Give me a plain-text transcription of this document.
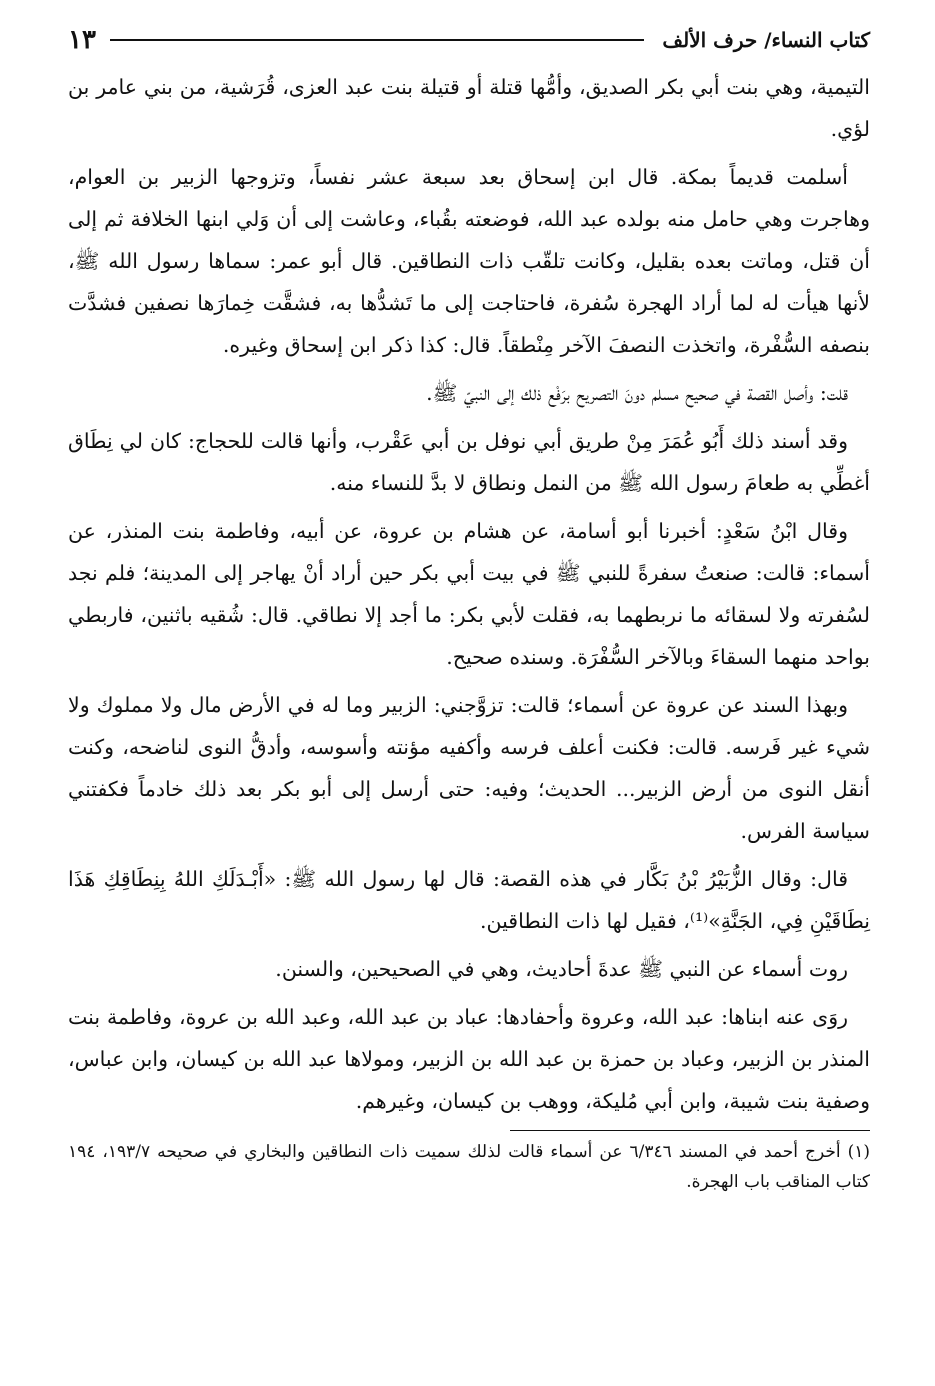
كتاب النساء/ حرف الألف
١٣

التيمية، وهي بنت أبي بكر الصديق، وأمُّها قتلة أو قتيلة بنت عبد العزى، قُرَشية، من بني عامر بن لؤي.

أسلمت قديماً بمكة. قال ابن إسحاق بعد سبعة عشر نفساً، وتزوجها الزبير بن العوام، وهاجرت وهي حامل منه بولده عبد الله، فوضعته بقُباء، وعاشت إلى أن وَلي ابنها الخلافة ثم إلى أن قتل، وماتت بعده بقليل، وكانت تلقّب ذات النطاقين. قال أبو عمر: سماها رسول الله ﷺ، لأنها هيأت له لما أراد الهجرة سُفرة، فاحتاجت إلى ما تَشدُّها به، فشقَّت خِمارَها نصفين فشدَّت بنصفه السُّفْرة، واتخذت النصفَ الآخر مِنْطقاً. قال: كذا ذكر ابن إسحاق وغيره.

قلت: وأصل القصة في صحيح مسلم دونَ التصريح برَفْع ذلك إلى النبيّ ﷺ.

وقد أسند ذلك أَبُو عُمَرَ مِنْ طريق أبي نوفل بن أبي عَقْرب، وأنها قالت للحجاج: كان لي نِطَاق أغطِّي به طعامَ رسول الله ﷺ من النمل ونطاق لا بدَّ للنساء منه.

وقال ابْنُ سَعْدٍ: أخبرنا أبو أسامة، عن هشام بن عروة، عن أبيه، وفاطمة بنت المنذر، عن أسماء: قالت: صنعتُ سفرةً للنبي ﷺ في بيت أبي بكر حين أراد أنْ يهاجر إلى المدينة؛ فلم نجد لسُفرته ولا لسقائه ما نربطهما به، فقلت لأبي بكر: ما أجد إلا نطاقي. قال: شُقيه باثنين، فاربطي بواحد منهما السقاءَ وبالآخر السُّفْرَة. وسنده صحيح.

وبهذا السند عن عروة عن أسماء؛ قالت: تزوَّجني: الزبير وما له في الأرض مال ولا مملوك ولا شيء غير فَرسه. قالت: فكنت أعلف فرسه وأكفيه مؤنته وأسوسه، وأدقُّ النوى لناضحه، وكنت أنقل النوى من أرض الزبير... الحديث؛ وفيه: حتى أرسل إلى أبو بكر بعد ذلك خادماً فكفتني سياسة الفرس.

قال: وقال الزُّبَيْرُ بْنُ بَكَّار في هذه القصة: قال لها رسول الله ﷺ: «أَبْـدَلَكِ اللهُ بِنِطَاقِكِ هَذَا نِطَاقَيْنِ فِي، الجَنَّةِ»⁽¹⁾، فقيل لها ذات النطاقين.

روت أسماء عن النبي ﷺ عدةَ أحاديث، وهي في الصحيحين، والسنن.

روَى عنه ابناها: عبد الله، وعروة وأحفادها: عباد بن عبد الله، وعبد الله بن عروة، وفاطمة بنت المنذر بن الزبير، وعباد بن حمزة بن عبد الله بن الزبير، ومولاها عبد الله بن كيسان، وابن عباس، وصفية بنت شيبة، وابن أبي مُليكة، ووهب بن كيسان، وغيرهم.

(١) أخرج أحمد في المسند ٦/٣٤٦ عن أسماء قالت لذلك سميت ذات النطاقين والبخاري في صحيحه ١٩٣/٧، ١٩٤ كتاب المناقب باب الهجرة.
